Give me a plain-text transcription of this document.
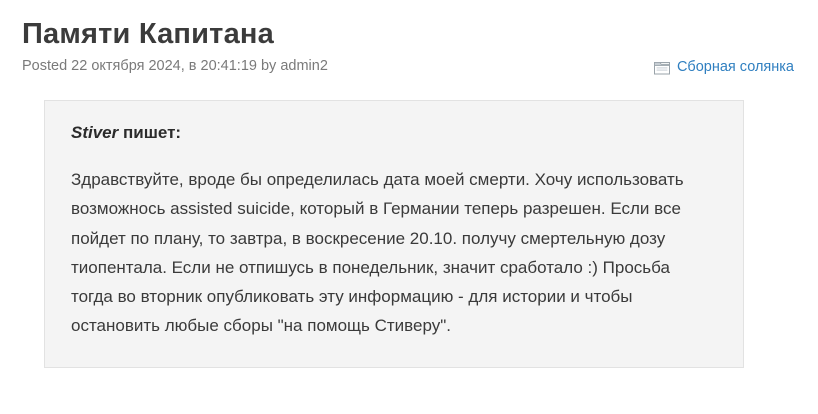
Памяти Капитана
Posted 22 октября 2024, в 20:41:19 by admin2	Сборная солянка

Stiver пишет:

Здравствуйте, вроде бы определилась дата моей смерти. Хочу использовать возможнось assisted suicide, который в Германии теперь разрешен. Если все пойдет по плану, то завтра, в воскресение 20.10. получу смертельную дозу тиопентала. Если не отпишусь в понедельник, значит сработало :) Просьба тогда во вторник опубликовать эту информацию - для истории и чтобы остановить любые сборы "на помощь Стиверу".
